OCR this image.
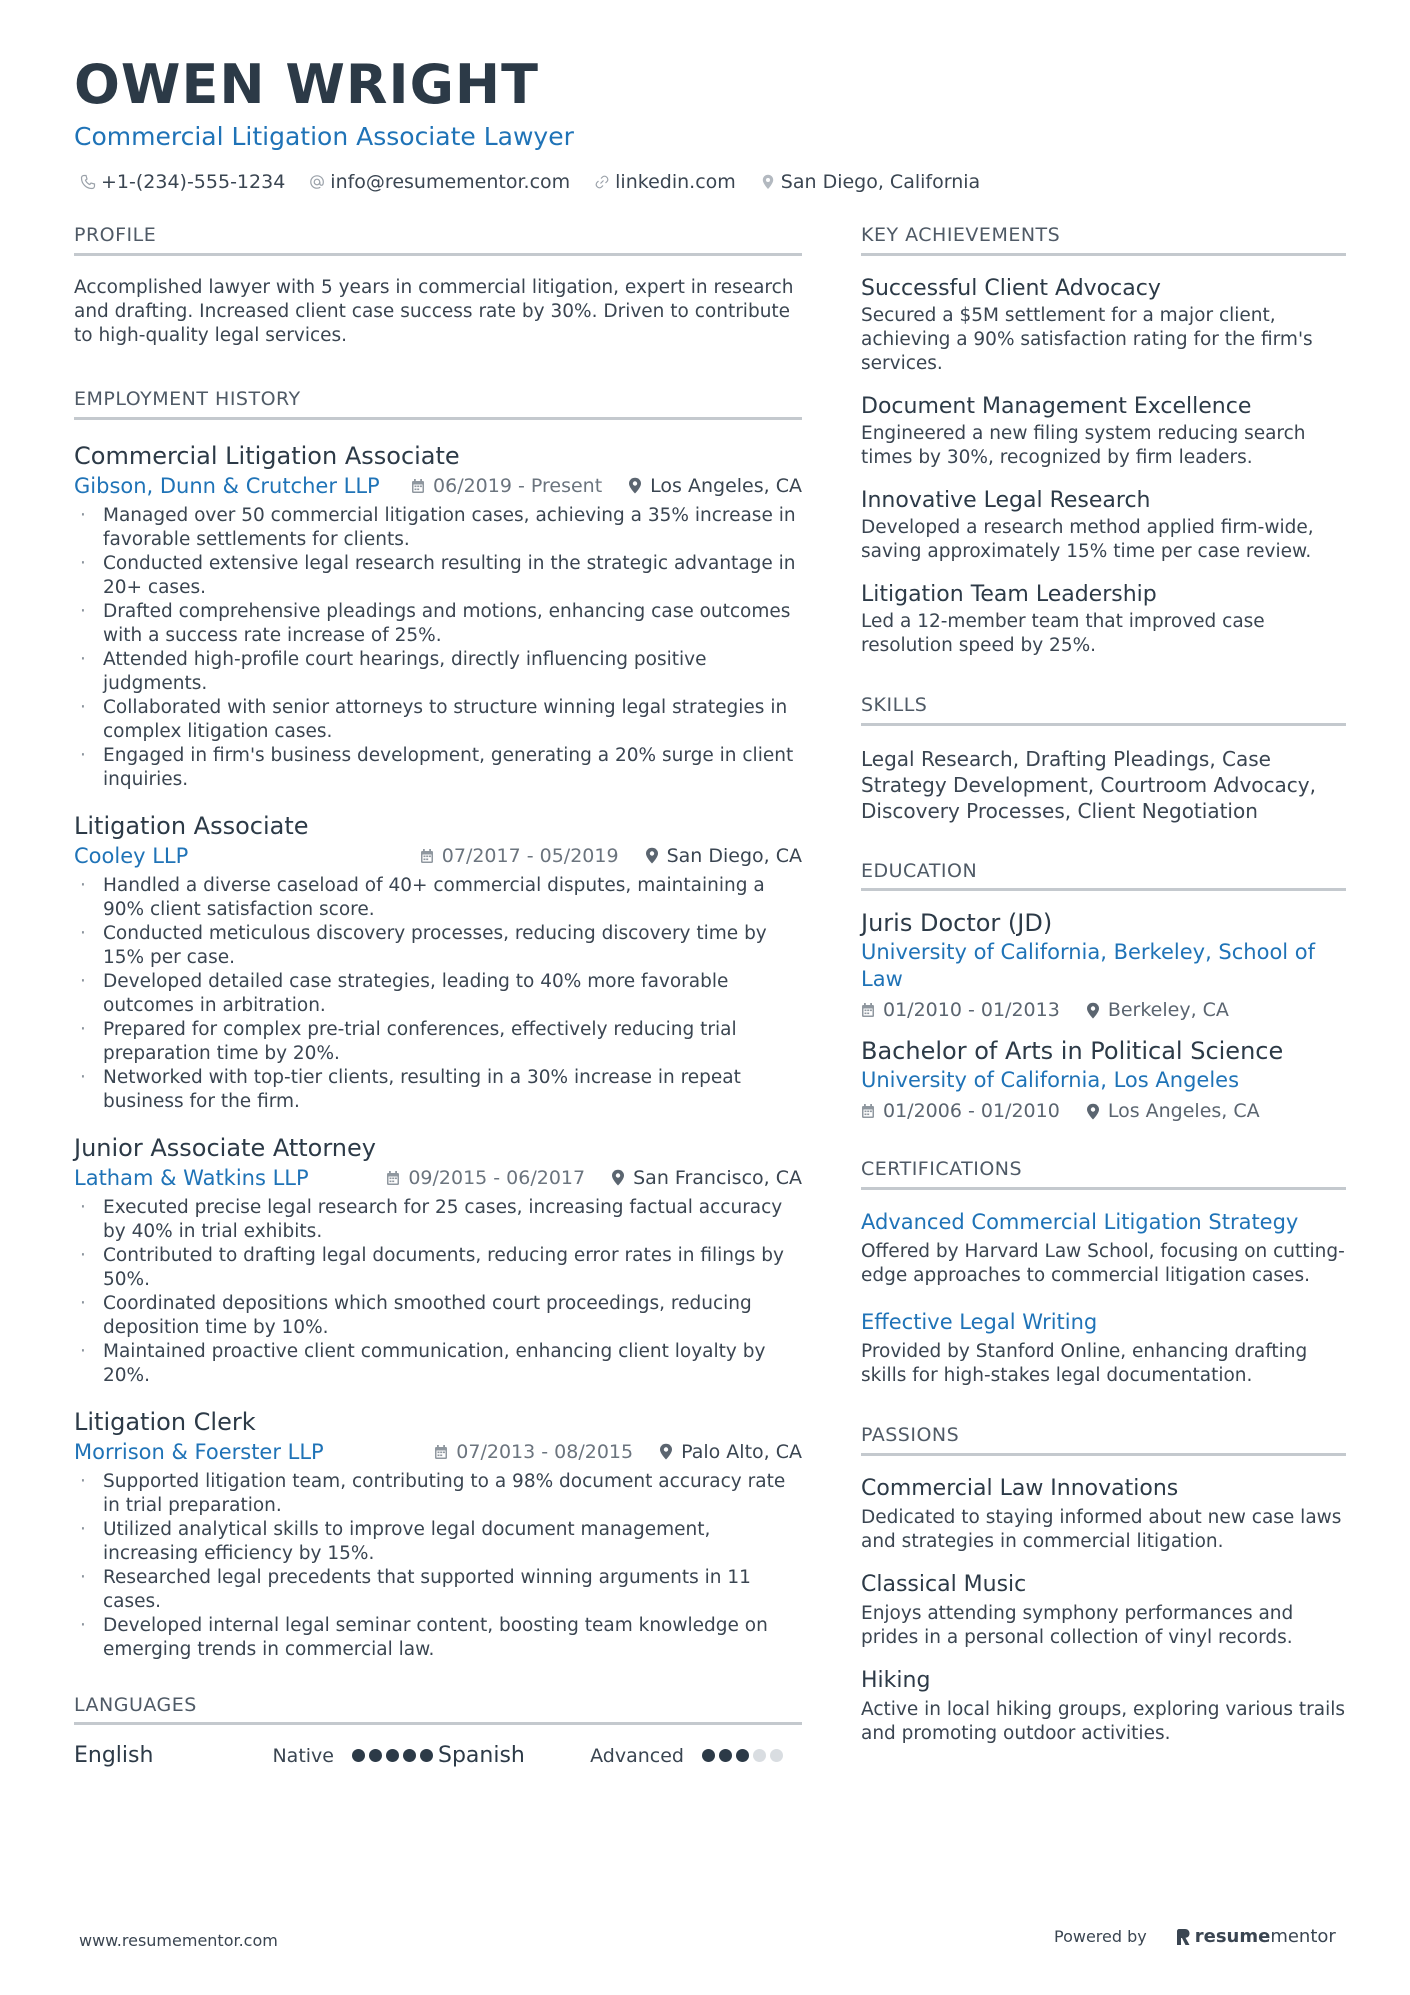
OWEN WRIGHT
Commercial Litigation Associate Lawyer
+1-(234)-555-1234 info@resumementor.com linkedin.com San Diego, California
PROFILE
Accomplished lawyer with 5 years in commercial litigation, expert in research and drafting. Increased client case success rate by 30%. Driven to contribute to high-quality legal services.
EMPLOYMENT HISTORY
Commercial Litigation Associate
Gibson, Dunn & Crutcher LLP	06/2019 - Present	Los Angeles, CA
· Managed over 50 commercial litigation cases, achieving a 35% increase in favorable settlements for clients.
· Conducted extensive legal research resulting in the strategic advantage in 20+ cases.
· Drafted comprehensive pleadings and motions, enhancing case outcomes with a success rate increase of 25%.
· Attended high-profile court hearings, directly influencing positive judgments.
· Collaborated with senior attorneys to structure winning legal strategies in complex litigation cases.
· Engaged in firm's business development, generating a 20% surge in client inquiries.
Litigation Associate
Cooley LLP	07/2017 - 05/2019	San Diego, CA
· Handled a diverse caseload of 40+ commercial disputes, maintaining a 90% client satisfaction score.
· Conducted meticulous discovery processes, reducing discovery time by 15% per case.
· Developed detailed case strategies, leading to 40% more favorable outcomes in arbitration.
· Prepared for complex pre-trial conferences, effectively reducing trial preparation time by 20%.
· Networked with top-tier clients, resulting in a 30% increase in repeat business for the firm.
Junior Associate Attorney
Latham & Watkins LLP	09/2015 - 06/2017	San Francisco, CA
· Executed precise legal research for 25 cases, increasing factual accuracy by 40% in trial exhibits.
· Contributed to drafting legal documents, reducing error rates in filings by 50%.
· Coordinated depositions which smoothed court proceedings, reducing deposition time by 10%.
· Maintained proactive client communication, enhancing client loyalty by 20%.
Litigation Clerk
Morrison & Foerster LLP	07/2013 - 08/2015	Palo Alto, CA
· Supported litigation team, contributing to a 98% document accuracy rate in trial preparation.
· Utilized analytical skills to improve legal document management, increasing efficiency by 15%.
· Researched legal precedents that supported winning arguments in 11 cases.
· Developed internal legal seminar content, boosting team knowledge on emerging trends in commercial law.
LANGUAGES
English	Native	Spanish	Advanced
KEY ACHIEVEMENTS
Successful Client Advocacy
Secured a $5M settlement for a major client, achieving a 90% satisfaction rating for the firm's services.
Document Management Excellence
Engineered a new filing system reducing search times by 30%, recognized by firm leaders.
Innovative Legal Research
Developed a research method applied firm-wide, saving approximately 15% time per case review.
Litigation Team Leadership
Led a 12-member team that improved case resolution speed by 25%.
SKILLS
Legal Research, Drafting Pleadings, Case Strategy Development, Courtroom Advocacy, Discovery Processes, Client Negotiation
EDUCATION
Juris Doctor (JD)
University of California, Berkeley, School of Law
01/2010 - 01/2013	Berkeley, CA
Bachelor of Arts in Political Science
University of California, Los Angeles
01/2006 - 01/2010	Los Angeles, CA
CERTIFICATIONS
Advanced Commercial Litigation Strategy
Offered by Harvard Law School, focusing on cutting-edge approaches to commercial litigation cases.
Effective Legal Writing
Provided by Stanford Online, enhancing drafting skills for high-stakes legal documentation.
PASSIONS
Commercial Law Innovations
Dedicated to staying informed about new case laws and strategies in commercial litigation.
Classical Music
Enjoys attending symphony performances and prides in a personal collection of vinyl records.
Hiking
Active in local hiking groups, exploring various trails and promoting outdoor activities.
www.resumementor.com	Powered by	resume mentor
